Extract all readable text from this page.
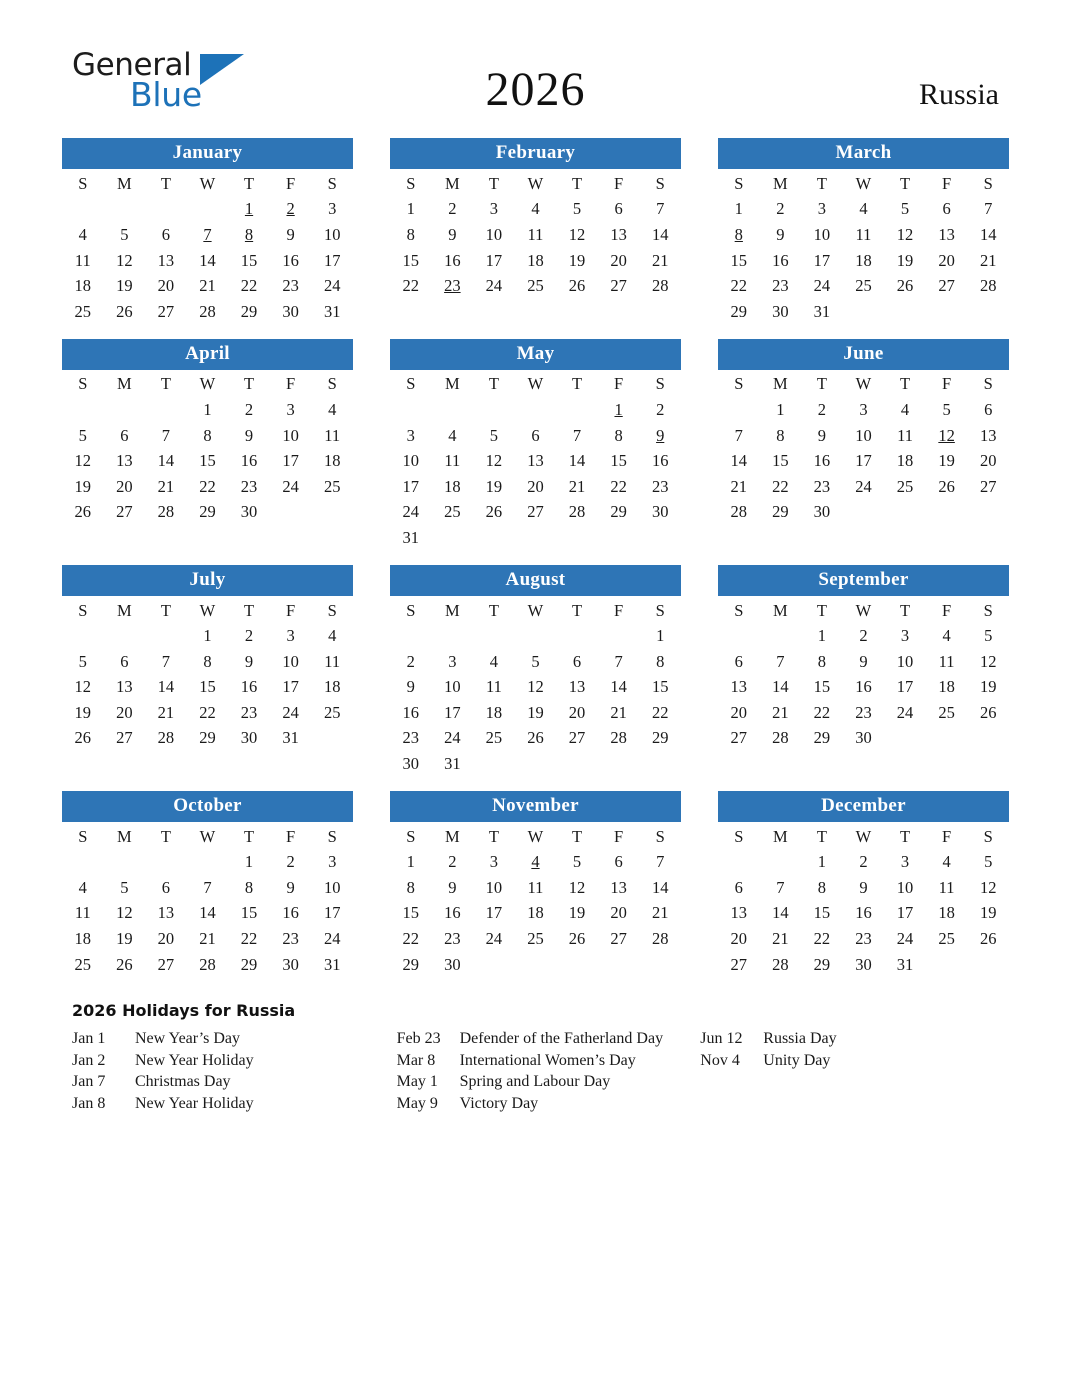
General
Blue	2026	Russia
January
S	M	T	W	T	F	S
				1	2	3
4	5	6	7	8	9	10
11	12	13	14	15	16	17
18	19	20	21	22	23	24
25	26	27	28	29	30	31
February
S	M	T	W	T	F	S
1	2	3	4	5	6	7
8	9	10	11	12	13	14
15	16	17	18	19	20	21
22	23	24	25	26	27	28
March
S	M	T	W	T	F	S
1	2	3	4	5	6	7
8	9	10	11	12	13	14
15	16	17	18	19	20	21
22	23	24	25	26	27	28
29	30	31				
April
S	M	T	W	T	F	S
			1	2	3	4
5	6	7	8	9	10	11
12	13	14	15	16	17	18
19	20	21	22	23	24	25
26	27	28	29	30		
May
S	M	T	W	T	F	S
					1	2
3	4	5	6	7	8	9
10	11	12	13	14	15	16
17	18	19	20	21	22	23
24	25	26	27	28	29	30
31						
June
S	M	T	W	T	F	S
	1	2	3	4	5	6
7	8	9	10	11	12	13
14	15	16	17	18	19	20
21	22	23	24	25	26	27
28	29	30				
July
S	M	T	W	T	F	S
			1	2	3	4
5	6	7	8	9	10	11
12	13	14	15	16	17	18
19	20	21	22	23	24	25
26	27	28	29	30	31	
August
S	M	T	W	T	F	S
						1
2	3	4	5	6	7	8
9	10	11	12	13	14	15
16	17	18	19	20	21	22
23	24	25	26	27	28	29
30	31					
September
S	M	T	W	T	F	S
		1	2	3	4	5
6	7	8	9	10	11	12
13	14	15	16	17	18	19
20	21	22	23	24	25	26
27	28	29	30			
October
S	M	T	W	T	F	S
				1	2	3
4	5	6	7	8	9	10
11	12	13	14	15	16	17
18	19	20	21	22	23	24
25	26	27	28	29	30	31
November
S	M	T	W	T	F	S
1	2	3	4	5	6	7
8	9	10	11	12	13	14
15	16	17	18	19	20	21
22	23	24	25	26	27	28
29	30					
December
S	M	T	W	T	F	S
		1	2	3	4	5
6	7	8	9	10	11	12
13	14	15	16	17	18	19
20	21	22	23	24	25	26
27	28	29	30	31		
2026 Holidays for Russia
Jan 1	New Year’s Day
Jan 2	New Year Holiday
Jan 7	Christmas Day
Jan 8	New Year Holiday
Feb 23	Defender of the Fatherland Day
Mar 8	International Women’s Day
May 1	Spring and Labour Day
May 9	Victory Day
Jun 12	Russia Day
Nov 4	Unity Day
